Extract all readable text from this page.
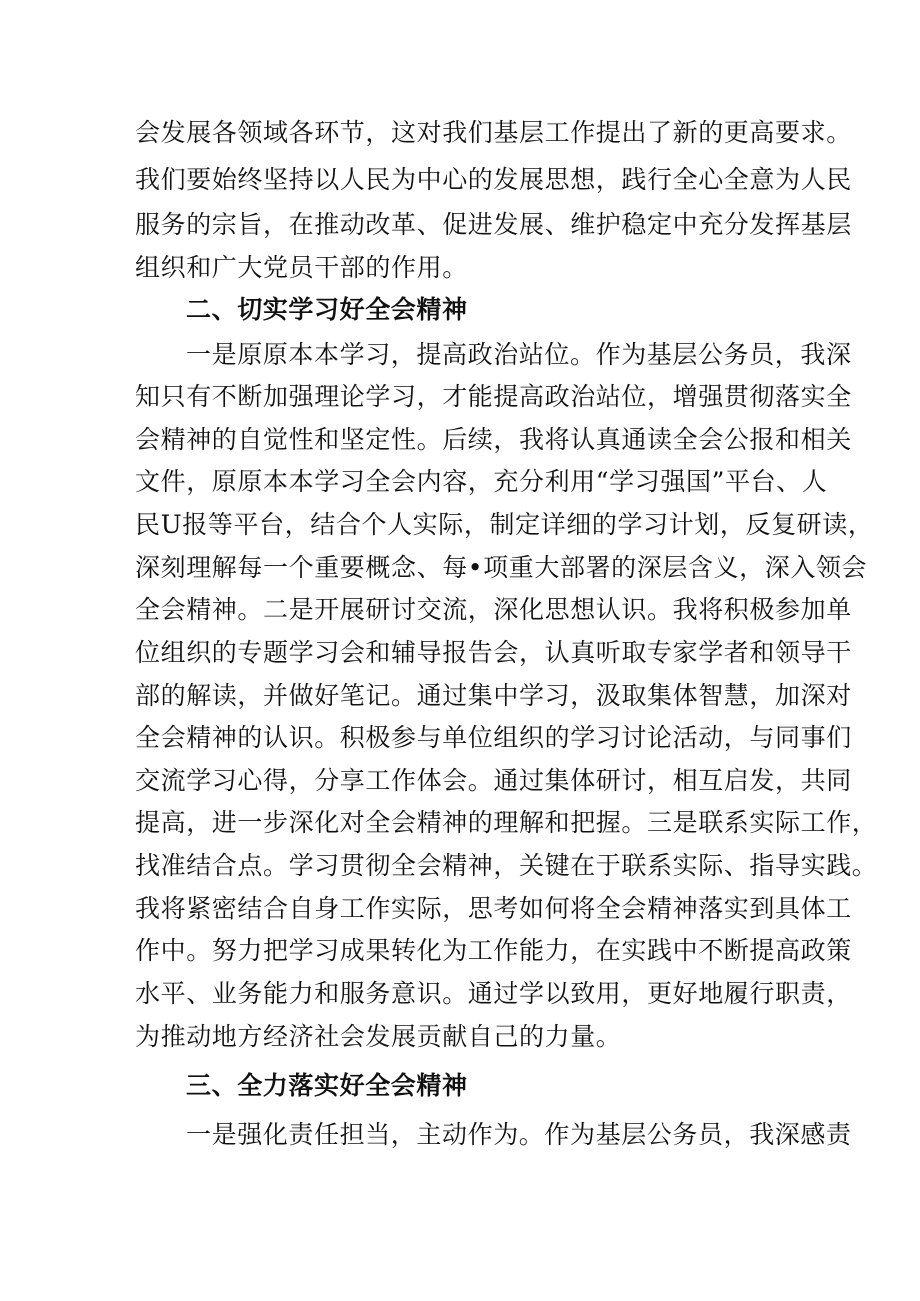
会发展各领域各环节，这对我们基层工作提出了新的更高要求。
我们要始终坚持以人民为中心的发展思想，践行全心全意为人民
服务的宗旨，在推动改革、促进发展、维护稳定中充分发挥基层
组织和广大党员干部的作用。
二、切实学习好全会精神
一是原原本本学习，提高政治站位。作为基层公务员，我深
知只有不断加强理论学习，才能提高政治站位，增强贯彻落实全
会精神的自觉性和坚定性。后续，我将认真通读全会公报和相关
文件，原原本本学习全会内容，充分利用“学习强国”平台、人
民U报等平台，结合个人实际，制定详细的学习计划，反复研读，
深刻理解每一个重要概念、每•项重大部署的深层含义，深入领会
全会精神。二是开展研讨交流，深化思想认识。我将积极参加单
位组织的专题学习会和辅导报告会，认真听取专家学者和领导干
部的解读，并做好笔记。通过集中学习，汲取集体智慧，加深对
全会精神的认识。积极参与单位组织的学习讨论活动，与同事们
交流学习心得，分享工作体会。通过集体研讨，相互启发，共同
提高，进一步深化对全会精神的理解和把握。三是联系实际工作，
找准结合点。学习贯彻全会精神，关键在于联系实际、指导实践。
我将紧密结合自身工作实际，思考如何将全会精神落实到具体工
作中。努力把学习成果转化为工作能力，在实践中不断提高政策
水平、业务能力和服务意识。通过学以致用，更好地履行职责，
为推动地方经济社会发展贡献自己的力量。
三、全力落实好全会精神
一是强化责任担当，主动作为。作为基层公务员，我深感责
